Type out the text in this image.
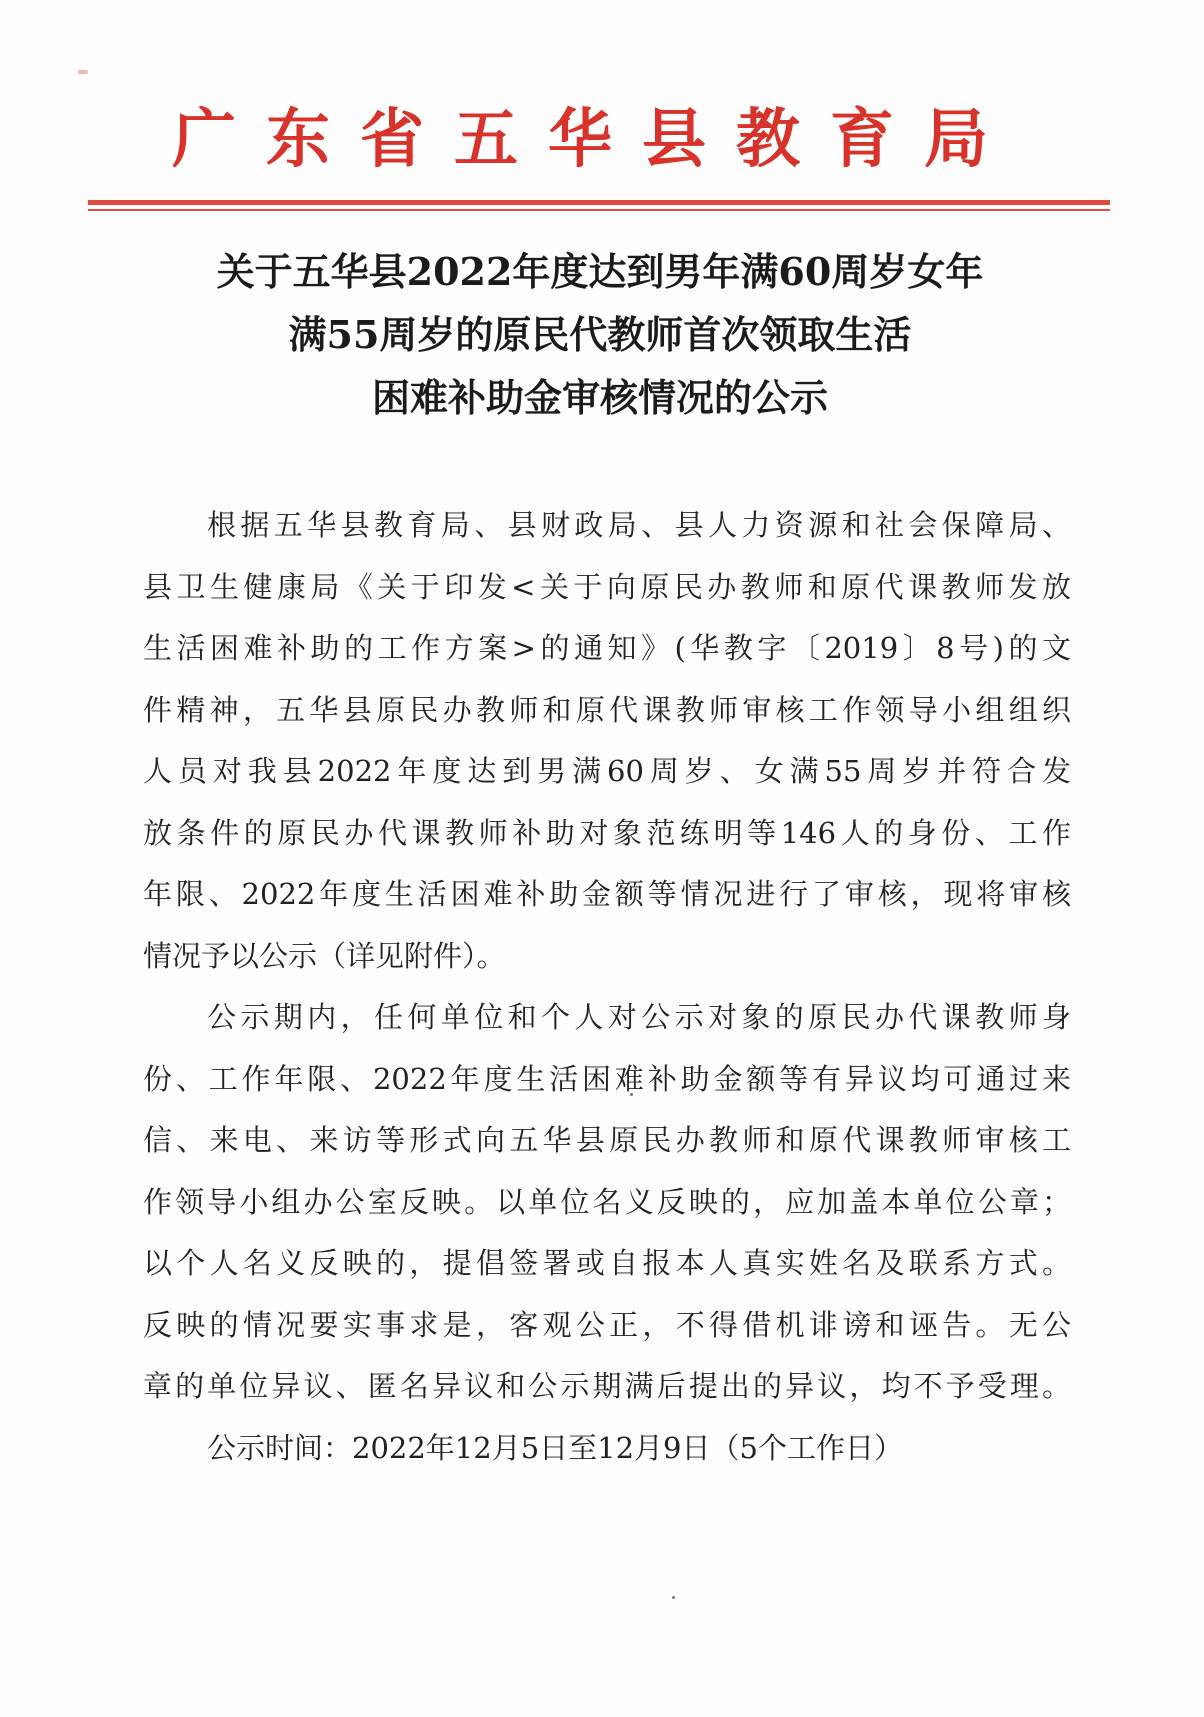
广东省五华县教育局
关于五华县2022年度达到男年满60周岁女年
满55周岁的原民代教师首次领取生活
困难补助金审核情况的公示
根据五华县教育局、县财政局、县人力资源和社会保障局、
县卫生健康局《关于印发<关于向原民办教师和原代课教师发放
生活困难补助的工作方案>的通知》(华教字〔2019〕8号)的文
件精神，五华县原民办教师和原代课教师审核工作领导小组组织
人员对我县2022年度达到男满60周岁、女满55周岁并符合发
放条件的原民办代课教师补助对象范练明等146人的身份、工作
年限、2022年度生活困难补助金额等情况进行了审核，现将审核
情况予以公示（详见附件）。
公示期内，任何单位和个人对公示对象的原民办代课教师身
份、工作年限、2022年度生活困难补助金额等有异议均可通过来
信、来电、来访等形式向五华县原民办教师和原代课教师审核工
作领导小组办公室反映。以单位名义反映的，应加盖本单位公章；
以个人名义反映的，提倡签署或自报本人真实姓名及联系方式。
反映的情况要实事求是，客观公正，不得借机诽谤和诬告。无公
章的单位异议、匿名异议和公示期满后提出的异议，均不予受理。
公示时间：2022年12月5日至12月9日（5个工作日）
